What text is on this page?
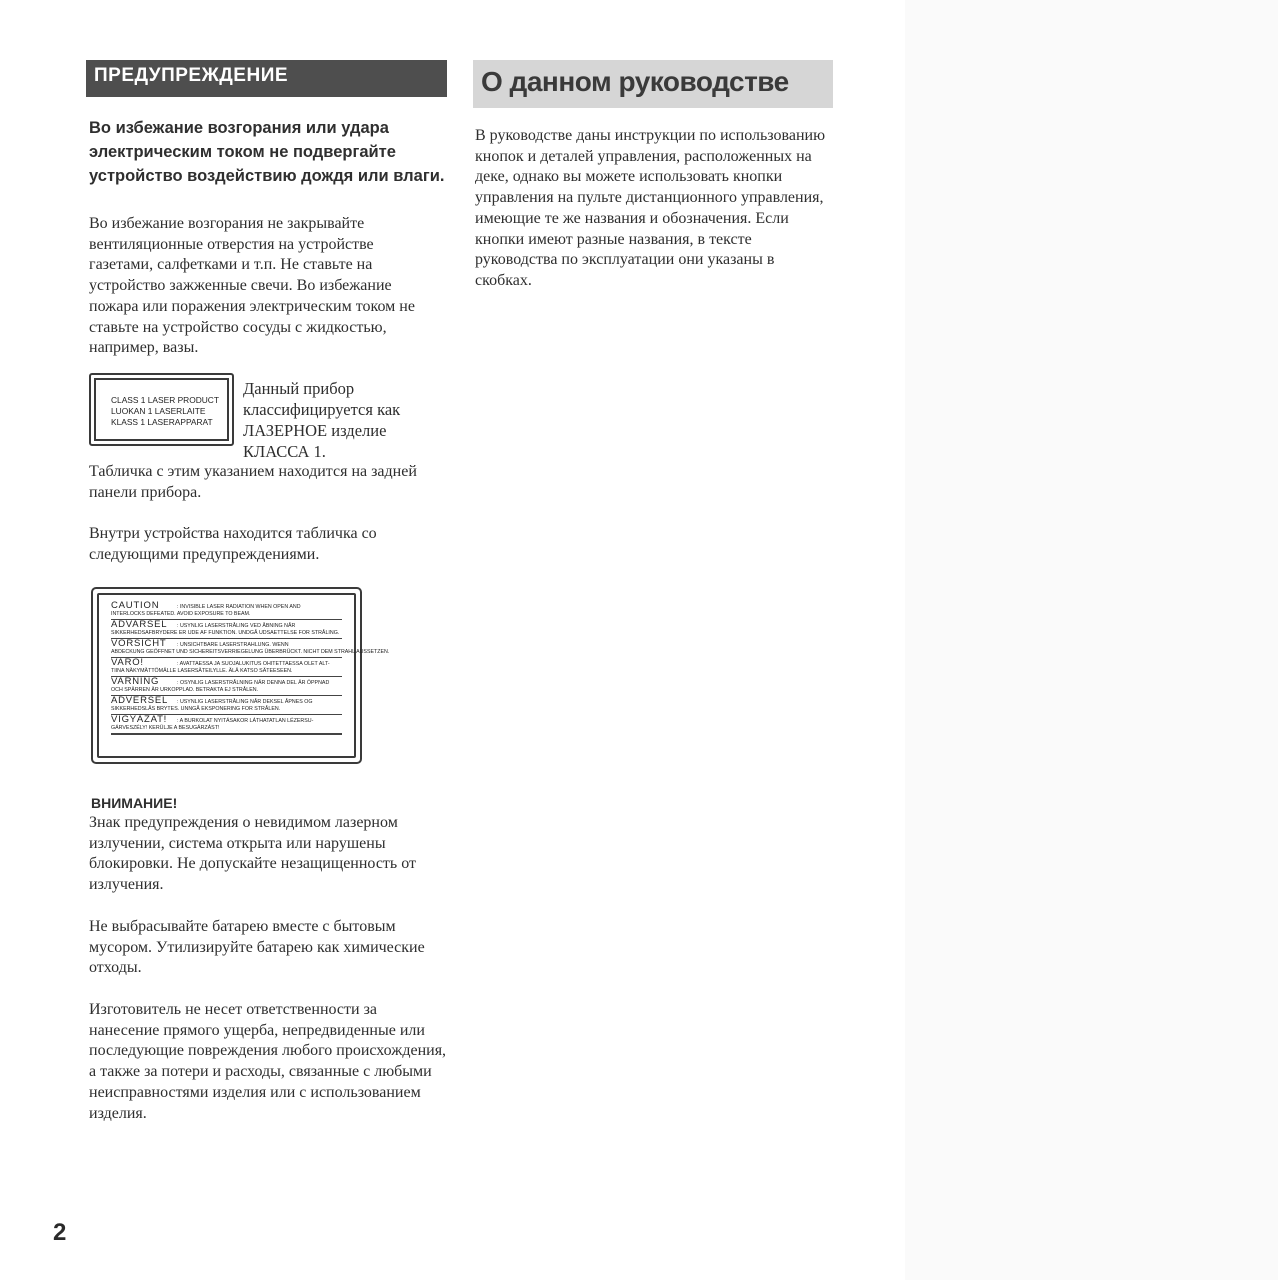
ПРЕДУПРЕЖДЕНИЕ
Во избежание возгорания или удара электрическим током не подвергайте устройство воздействию дождя или влаги.
Во избежание возгорания не закрывайте вентиляционные отверстия на устройстве газетами, салфетками и т.п. Не ставьте на устройство зажженные свечи. Во избежание пожара или поражения электрическим током не ставьте на устройство сосуды с жидкостью, например, вазы.
CLASS 1 LASER PRODUCT
LUOKAN 1 LASERLAITE
KLASS 1 LASERAPPARAT
Данный прибор классифицируется как ЛАЗЕРНОЕ изделие КЛАССА 1.
Табличка с этим указанием находится на задней панели прибора.
Внутри устройства находится табличка со следующими предупреждениями.
CAUTION	: INVISIBLE LASER RADIATION WHEN OPEN AND
INTERLOCKS DEFEATED. AVOID EXPOSURE TO BEAM.
ADVARSEL : USYNLIG LASERSTRÅLING VED ÅBNING NÅR
SIKKERHEDSAFBRYDERE ER UDE AF FUNKTION. UNDGÅ UDSAETTELSE FOR STRÅLING.
VORSICHT : UNSICHTBARE LASERSTRAHLUNG. WENN
ABDECKUNG GEÖFFNET UND SICHEREITSVERRIEGELUNG ÜBERBRÜCKT. NICHT DEM STRAHL AUSSETZEN.
VARO!	: AVATTAESSA JA SUOJALUKITUS OHITETTAESSA OLET ALT-
TIINA NÄKYMÄTTÖMÄLLE LASERSÄTEILYLLE. ÄLÄ KATSO SÄTEESEEN.
VARNING	: OSYNLIG LASERSTRÅLNING NÄR DENNA DEL ÄR ÖPPNAD
OCH SPÄRREN ÄR URKOPPLAD. BETRAKTA EJ STRÅLEN.
ADVERSEL : USYNLIG LASERSTRÅLING NÅR DEKSEL ÅPNES OG
SIKKERHEDSLÅS BRYTES. UNNGÅ EKSPONERING FOR STRÅLEN.
VIGYÁZAT! : A BURKOLAT NYITÁSAKOR LÁTHATATLAN LÉZERSU-
GÁRVESZÉLY! KERÜLJE A BESUGÁRZÁST!
ВНИМАНИЕ!
Знак предупреждения о невидимом лазерном излучении, система открыта или нарушены блокировки. Не допускайте незащищенность от излучения.
Не выбрасывайте батарею вместе с бытовым мусором. Утилизируйте батарею как химические отходы.
Изготовитель не несет ответственности за нанесение прямого ущерба, непредвиденные или последующие повреждения любого происхождения, а также за потери и расходы, связанные с любыми неисправностями изделия или с использованием изделия.
О данном руководстве
В руководстве даны инструкции по использованию кнопок и деталей управления, расположенных на деке, однако вы можете использовать кнопки управления на пульте дистанционного управления, имеющие те же названия и обозначения. Если кнопки имеют разные названия, в тексте руководства по эксплуатации они указаны в скобках.
2
